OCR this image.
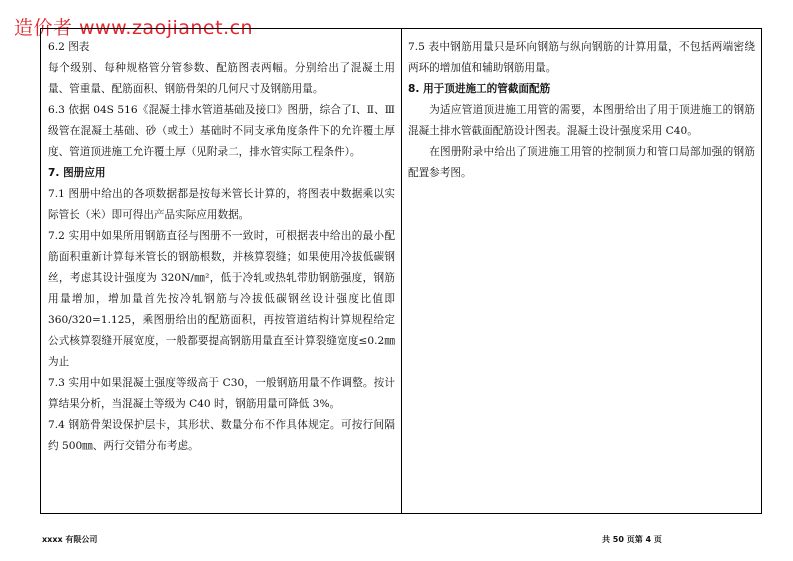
造价者 www.zaojianet.cn

6.2 图表

每个级别、每种规格管分管参数、配筋图表两幅。分别给出了混凝土用量、管重量、配筋面积、钢筋骨架的几何尺寸及钢筋用量。

6.3 依据 04S 516《混凝土排水管道基础及接口》图册，综合了Ⅰ、Ⅱ、Ⅲ级管在混凝土基础、砂（或土）基础时不同支承角度条件下的允许覆土厚度、管道顶进施工允许覆土厚（见附录二，排水管实际工程条件）。

7. 图册应用

7.1 图册中给出的各项数据都是按每米管长计算的，将图表中数据乘以实际管长（米）即可得出产品实际应用数据。

7.2 实用中如果所用钢筋直径与图册不一致时，可根据表中给出的最小配筋面积重新计算每米管长的钢筋根数，并核算裂缝；如果使用冷拔低碳钢丝，考虑其设计强度为 320N/㎜²，低于冷轧或热轧带肋钢筋强度，钢筋用量增加，增加量首先按冷轧钢筋与冷拔低碳钢丝设计强度比值即 360/320=1.125，乘图册给出的配筋面积，再按管道结构计算规程给定公式核算裂缝开展宽度，一般都要提高钢筋用量直至计算裂缝宽度≤0.2㎜ 为止

7.3 实用中如果混凝土强度等级高于 C30，一般钢筋用量不作调整。按计算结果分析，当混凝土等级为 C40 时，钢筋用量可降低 3%。

7.4 钢筋骨架设保护层卡，其形状、数量分布不作具体规定。可按行间隔约 500㎜、两行交错分布考虑。

7.5 表中钢筋用量只是环向钢筋与纵向钢筋的计算用量，不包括两端密绕两环的增加值和辅助钢筋用量。

8. 用于顶进施工的管截面配筋

为适应管道顶进施工用管的需要，本图册给出了用于顶进施工的钢筋混凝土排水管截面配筋设计图表。混凝土设计强度采用 C40。

在图册附录中给出了顶进施工用管的控制顶力和管口局部加强的钢筋配置参考图。

xxxx 有限公司	共 50 页第 4 页
